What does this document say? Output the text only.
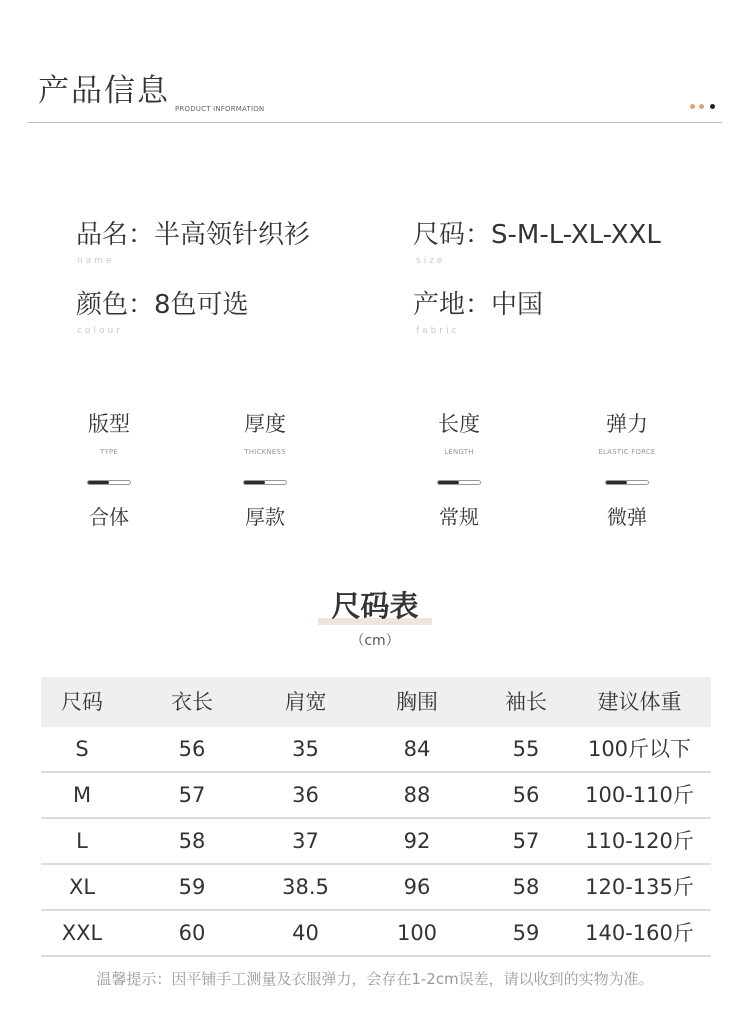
产品信息 PRODUCT INFORMATION
品名：半高领针织衫
name
尺码：S-M-L-XL-XXL
size
颜色：8色可选
colour
产地：中国
fabric
版型
TYPE
合体
厚度
THICKNESS
厚款
长度
LENGTH
常规
弹力
ELASTIC FORCE
微弹
尺码表
（cm）
尺码	衣长	肩宽	胸围	袖长	建议体重
S	56	35	84	55	100斤以下
M	57	36	88	56	100-110斤
L	58	37	92	57	110-120斤
XL	59	38.5	96	58	120-135斤
XXL	60	40	100	59	140-160斤
温馨提示：因平铺手工测量及衣服弹力，会存在1-2cm误差，请以收到的实物为准。
